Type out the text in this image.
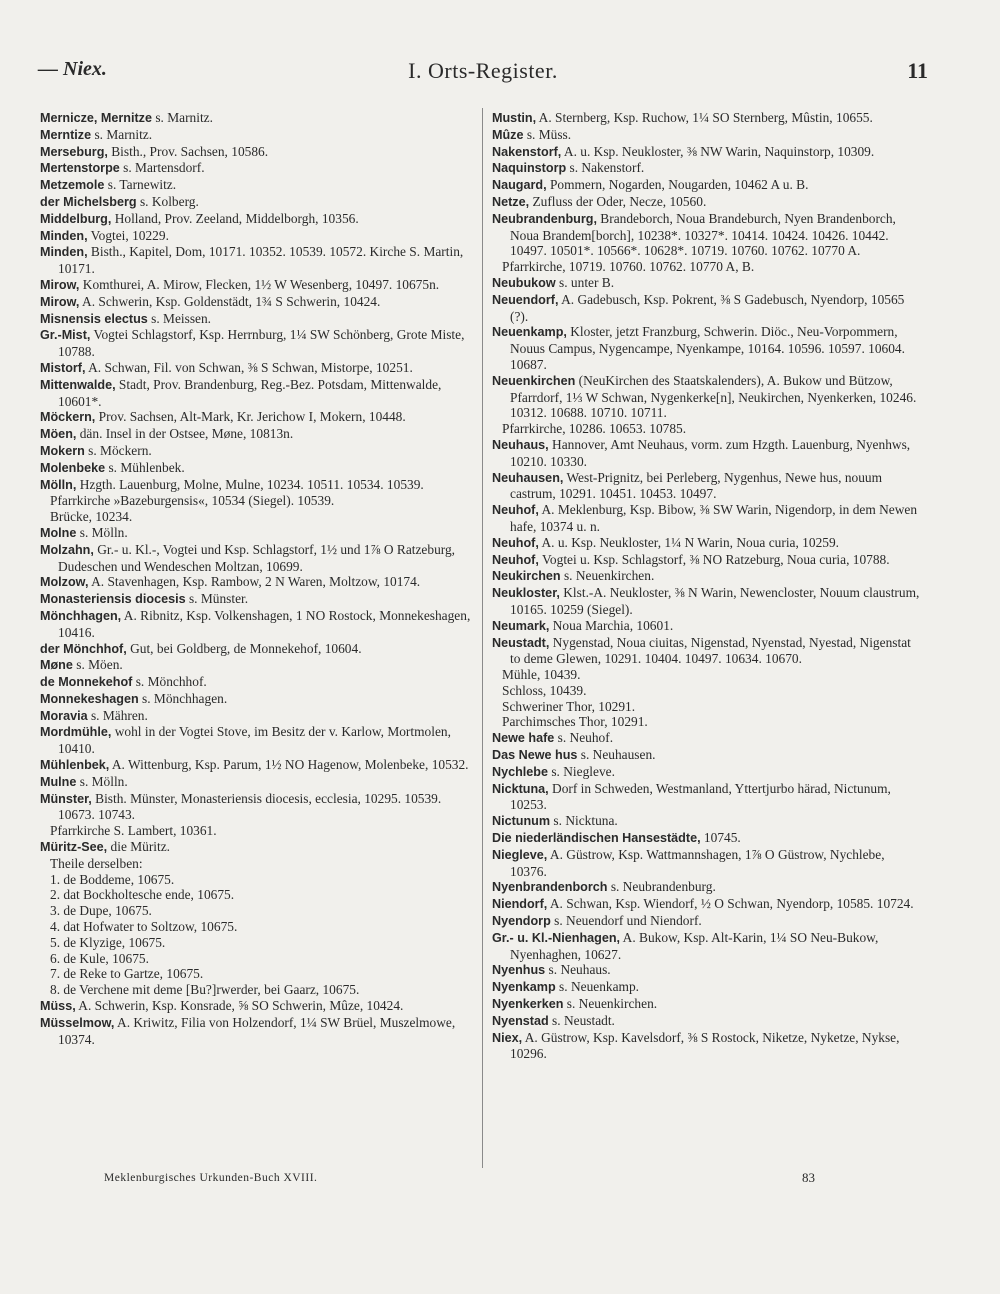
— Niex.	I. Orts-Register.	11

Mernicze, Mernitze s. Marnitz.

Merntize s. Marnitz.

Merseburg, Bisth., Prov. Sachsen, 10586.

Mertenstorpe s. Martensdorf.

Metzemole s. Tarnewitz.

der Michelsberg s. Kolberg.

Middelburg, Holland, Prov. Zeeland, Middelborgh, 10356.

Minden, Vogtei, 10229.

Minden, Bisth., Kapitel, Dom, 10171. 10352. 10539. 10572. Kirche S. Martin, 10171.

Mirow, Komthurei, A. Mirow, Flecken, 1½ W Wesenberg, 10497. 10675n.

Mirow, A. Schwerin, Ksp. Goldenstädt, 1¾ S Schwerin, 10424.

Misnensis electus s. Meissen.

Gr.-Mist, Vogtei Schlagstorf, Ksp. Herrnburg, 1¼ SW Schönberg, Grote Miste, 10788.

Mistorf, A. Schwan, Fil. von Schwan, ⅜ S Schwan, Mistorpe, 10251.

Mittenwalde, Stadt, Prov. Brandenburg, Reg.-Bez. Potsdam, Mittenwalde, 10601*.

Möckern, Prov. Sachsen, Alt-Mark, Kr. Jerichow I, Mokern, 10448.

Möen, dän. Insel in der Ostsee, Møne, 10813n.

Mokern s. Möckern.

Molenbeke s. Mühlenbek.

Mölln, Hzgth. Lauenburg, Molne, Mulne, 10234. 10511. 10534. 10539.

Pfarrkirche »Bazeburgensis«, 10534 (Siegel). 10539.

Brücke, 10234.

Molne s. Mölln.

Molzahn, Gr.- u. Kl.-, Vogtei und Ksp. Schlagstorf, 1½ und 1⅞ O Ratzeburg, Dudeschen und Wendeschen Moltzan, 10699.

Molzow, A. Stavenhagen, Ksp. Rambow, 2 N Waren, Moltzow, 10174.

Monasteriensis diocesis s. Münster.

Mönchhagen, A. Ribnitz, Ksp. Volkenshagen, 1 NO Rostock, Monnekeshagen, 10416.

der Mönchhof, Gut, bei Goldberg, de Monnekehof, 10604.

Møne s. Möen.

de Monnekehof s. Mönchhof.

Monnekeshagen s. Mönchhagen.

Moravia s. Mähren.

Mordmühle, wohl in der Vogtei Stove, im Besitz der v. Karlow, Mortmolen, 10410.

Mühlenbek, A. Wittenburg, Ksp. Parum, 1½ NO Hagenow, Molenbeke, 10532.

Mulne s. Mölln.

Münster, Bisth. Münster, Monasteriensis diocesis, ecclesia, 10295. 10539. 10673. 10743.

Pfarrkirche S. Lambert, 10361.

Müritz-See, die Müritz.

Theile derselben:

1. de Boddeme, 10675.

2. dat Bockholtesche ende, 10675.

3. de Dupe, 10675.

4. dat Hofwater to Soltzow, 10675.

5. de Klyzige, 10675.

6. de Kule, 10675.

7. de Reke to Gartze, 10675.

8. de Verchene mit deme [Bu?]rwerder, bei Gaarz, 10675.

Müss, A. Schwerin, Ksp. Konsrade, ⅝ SO Schwerin, Mûze, 10424.

Müsselmow, A. Kriwitz, Filia von Holzendorf, 1¼ SW Brüel, Muszelmowe, 10374.

Mustin, A. Sternberg, Ksp. Ruchow, 1¼ SO Sternberg, Mûstin, 10655.

Mûze s. Müss.

Nakenstorf, A. u. Ksp. Neukloster, ⅜ NW Warin, Naquinstorp, 10309.

Naquinstorp s. Nakenstorf.

Naugard, Pommern, Nogarden, Nougarden, 10462 A u. B.

Netze, Zufluss der Oder, Necze, 10560.

Neubrandenburg, Brandeborch, Noua Brandeburch, Nyen Brandenborch, Noua Brandem[borch], 10238*. 10327*. 10414. 10424. 10426. 10442. 10497. 10501*. 10566*. 10628*. 10719. 10760. 10762. 10770 A.

Pfarrkirche, 10719. 10760. 10762. 10770 A, B.

Neubukow s. unter B.

Neuendorf, A. Gadebusch, Ksp. Pokrent, ⅜ S Gadebusch, Nyendorp, 10565 (?).

Neuenkamp, Kloster, jetzt Franzburg, Schwerin. Diöc., Neu-Vorpommern, Nouus Campus, Nygencampe, Nyenkampe, 10164. 10596. 10597. 10604. 10687.

Neuenkirchen (NeuKirchen des Staatskalenders), A. Bukow und Bützow, Pfarrdorf, 1⅓ W Schwan, Nygenkerke[n], Neukirchen, Nyenkerken, 10246. 10312. 10688. 10710. 10711.

Pfarrkirche, 10286. 10653. 10785.

Neuhaus, Hannover, Amt Neuhaus, vorm. zum Hzgth. Lauenburg, Nyenhws, 10210. 10330.

Neuhausen, West-Prignitz, bei Perleberg, Nygenhus, Newe hus, nouum castrum, 10291. 10451. 10453. 10497.

Neuhof, A. Meklenburg, Ksp. Bibow, ⅜ SW Warin, Nigendorp, in dem Newen hafe, 10374 u. n.

Neuhof, A. u. Ksp. Neukloster, 1¼ N Warin, Noua curia, 10259.

Neuhof, Vogtei u. Ksp. Schlagstorf, ⅜ NO Ratzeburg, Noua curia, 10788.

Neukirchen s. Neuenkirchen.

Neukloster, Klst.-A. Neukloster, ⅜ N Warin, Newencloster, Nouum claustrum, 10165. 10259 (Siegel).

Neumark, Noua Marchia, 10601.

Neustadt, Nygenstad, Noua ciuitas, Nigenstad, Nyenstad, Nyestad, Nigenstat to deme Glewen, 10291. 10404. 10497. 10634. 10670.

Mühle, 10439.

Schloss, 10439.

Schweriner Thor, 10291.

Parchimsches Thor, 10291.

Newe hafe s. Neuhof.

Das Newe hus s. Neuhausen.

Nychlebe s. Niegleve.

Nicktuna, Dorf in Schweden, Westmanland, Yttertjurbo härad, Nictunum, 10253.

Nictunum s. Nicktuna.

Die niederländischen Hansestädte, 10745.

Niegleve, A. Güstrow, Ksp. Wattmannshagen, 1⅞ O Güstrow, Nychlebe, 10376.

Nyenbrandenborch s. Neubrandenburg.

Niendorf, A. Schwan, Ksp. Wiendorf, ½ O Schwan, Nyendorp, 10585. 10724.

Nyendorp s. Neuendorf und Niendorf.

Gr.- u. Kl.-Nienhagen, A. Bukow, Ksp. Alt-Karin, 1¼ SO Neu-Bukow, Nyenhaghen, 10627.

Nyenhus s. Neuhaus.

Nyenkamp s. Neuenkamp.

Nyenkerken s. Neuenkirchen.

Nyenstad s. Neustadt.

Niex, A. Güstrow, Ksp. Kavelsdorf, ⅜ S Rostock, Niketze, Nyketze, Nykse, 10296.

Meklenburgisches Urkunden-Buch XVIII.	83
